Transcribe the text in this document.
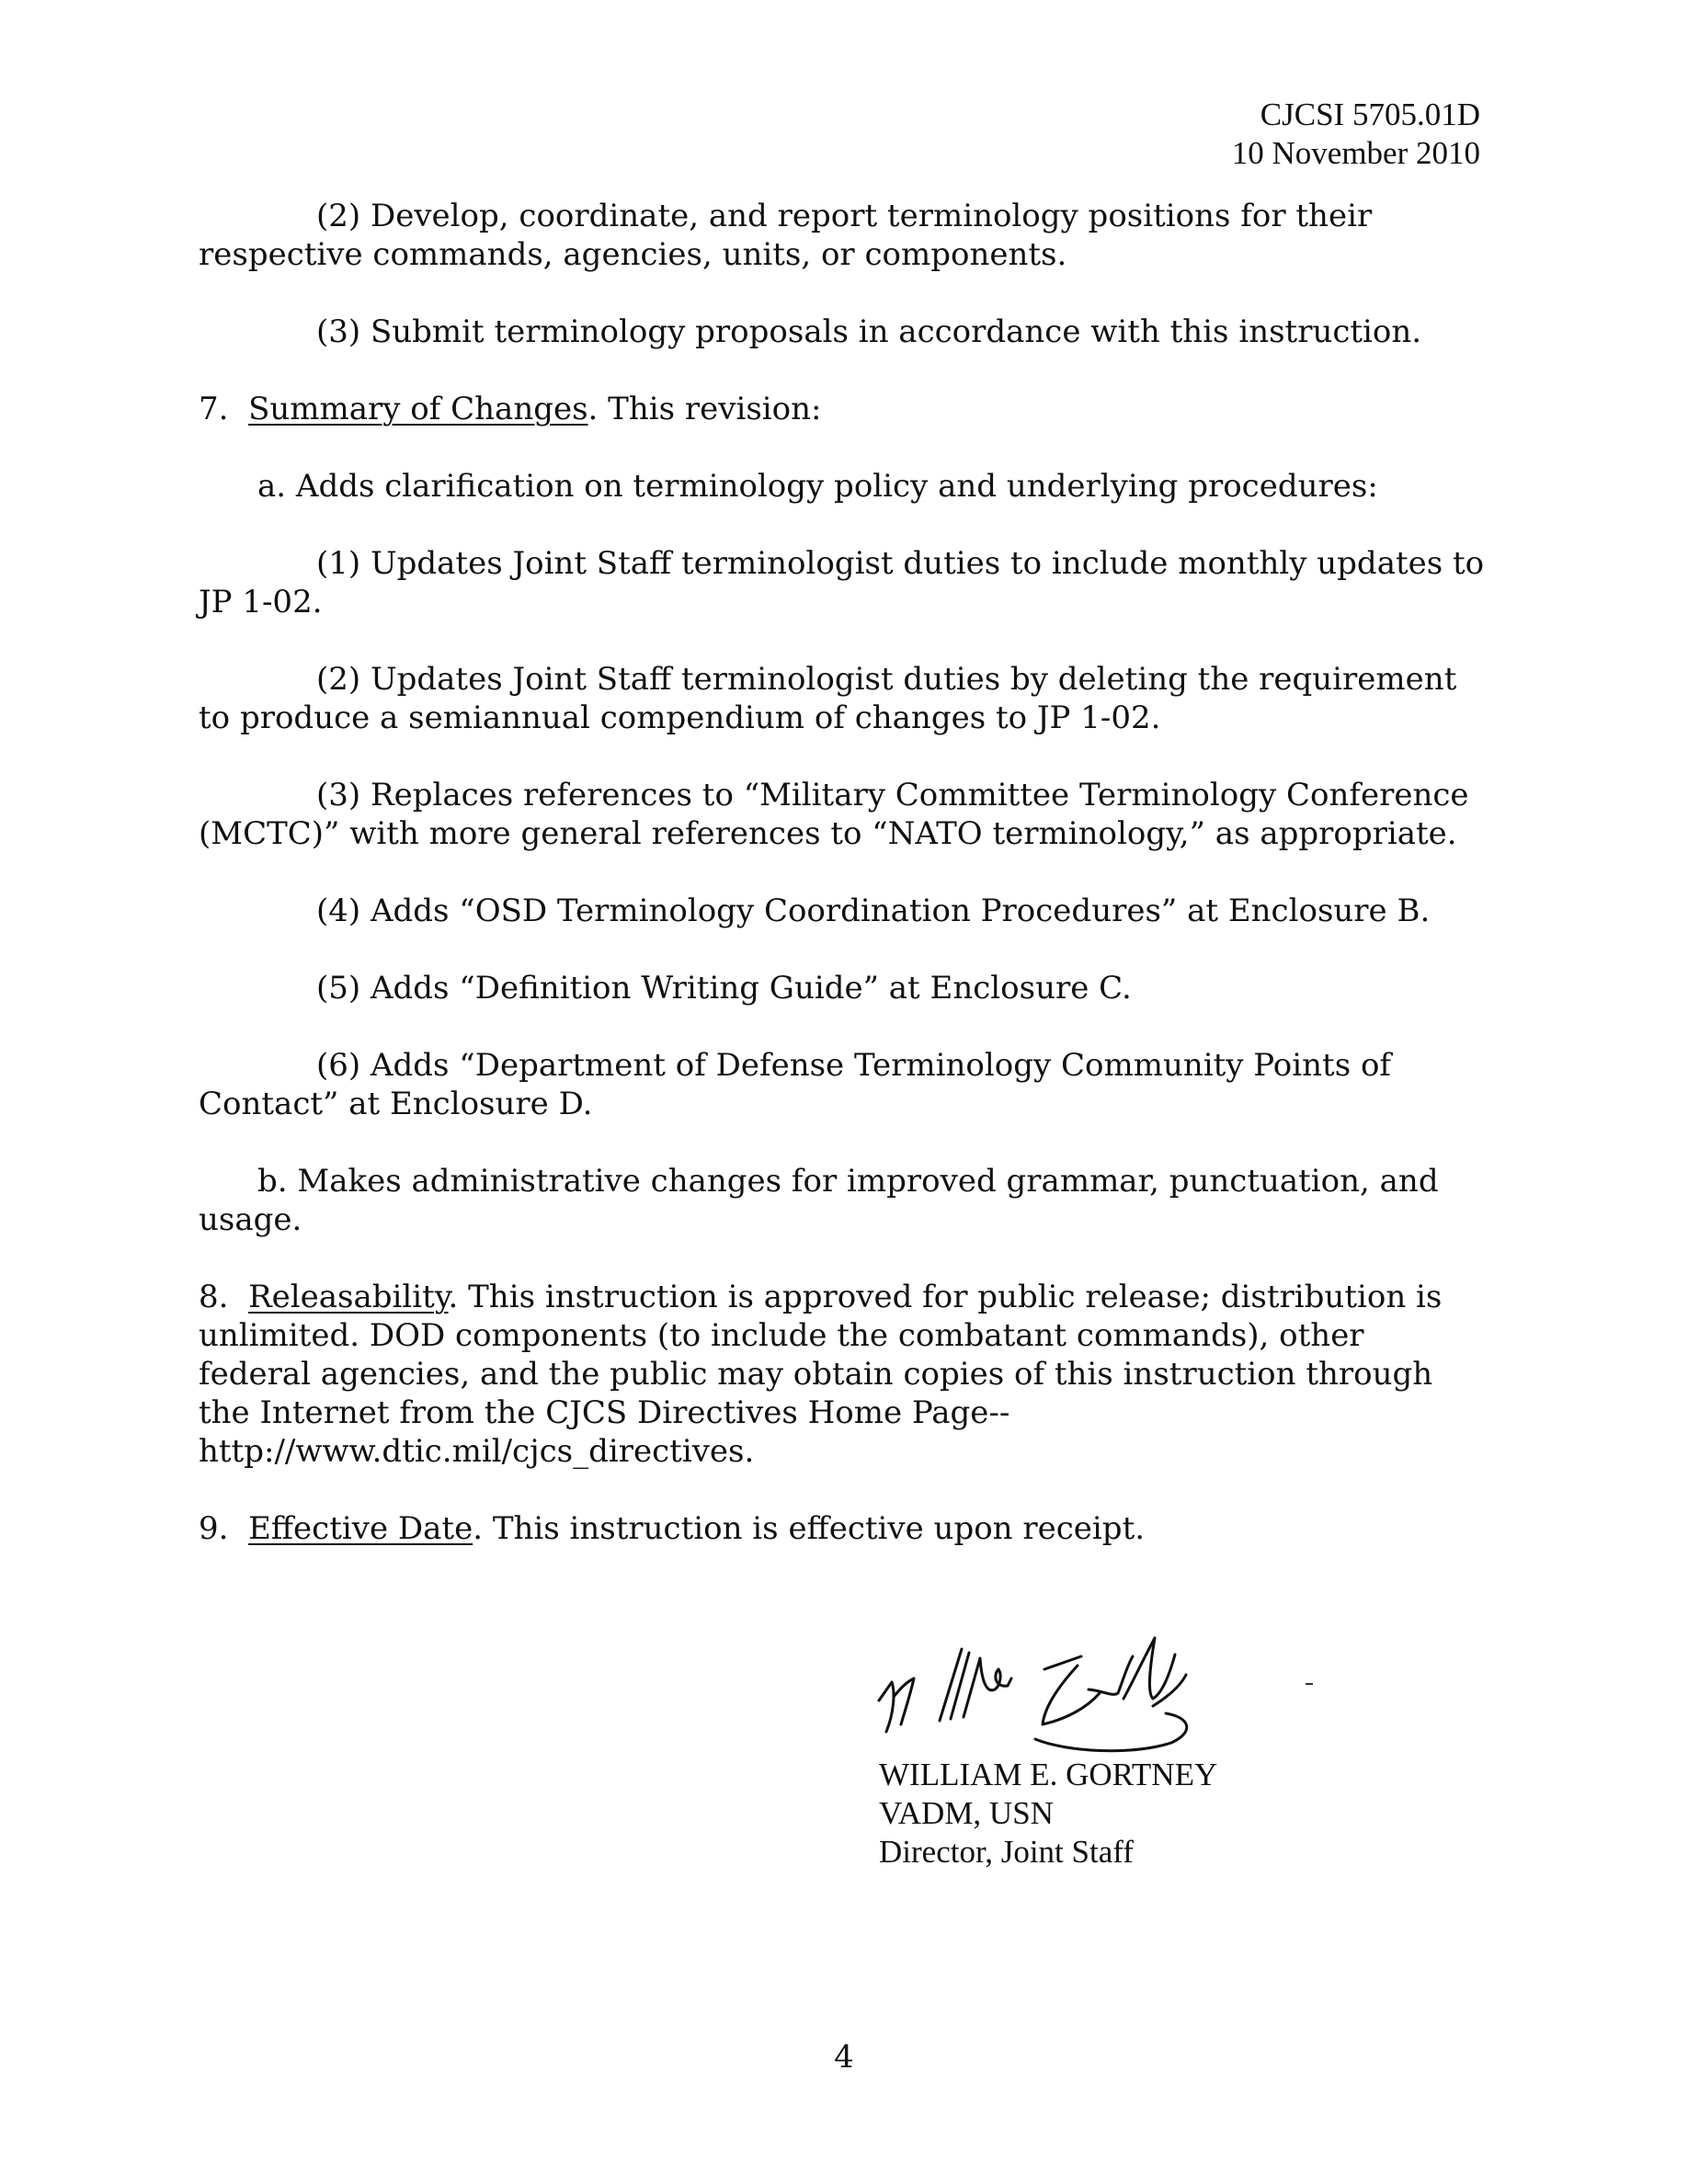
CJCSI 5705.01D
10 November 2010

(2) Develop, coordinate, and report terminology positions for their respective commands, agencies, units, or components.

(3) Submit terminology proposals in accordance with this instruction.

7.  Summary of Changes. This revision:

a. Adds clarification on terminology policy and underlying procedures:

(1) Updates Joint Staff terminologist duties to include monthly updates to JP 1-02.

(2) Updates Joint Staff terminologist duties by deleting the requirement to produce a semiannual compendium of changes to JP 1-02.

(3) Replaces references to “Military Committee Terminology Conference (MCTC)” with more general references to “NATO terminology,” as appropriate.

(4) Adds “OSD Terminology Coordination Procedures” at Enclosure B.

(5) Adds “Definition Writing Guide” at Enclosure C.

(6) Adds “Department of Defense Terminology Community Points of Contact” at Enclosure D.

b. Makes administrative changes for improved grammar, punctuation, and usage.

8.  Releasability. This instruction is approved for public release; distribution is unlimited. DOD components (to include the combatant commands), other federal agencies, and the public may obtain copies of this instruction through the Internet from the CJCS Directives Home Page--http://www.dtic.mil/cjcs_directives.

9.  Effective Date. This instruction is effective upon receipt.

WILLIAM E. GORTNEY
VADM, USN
Director, Joint Staff
4
